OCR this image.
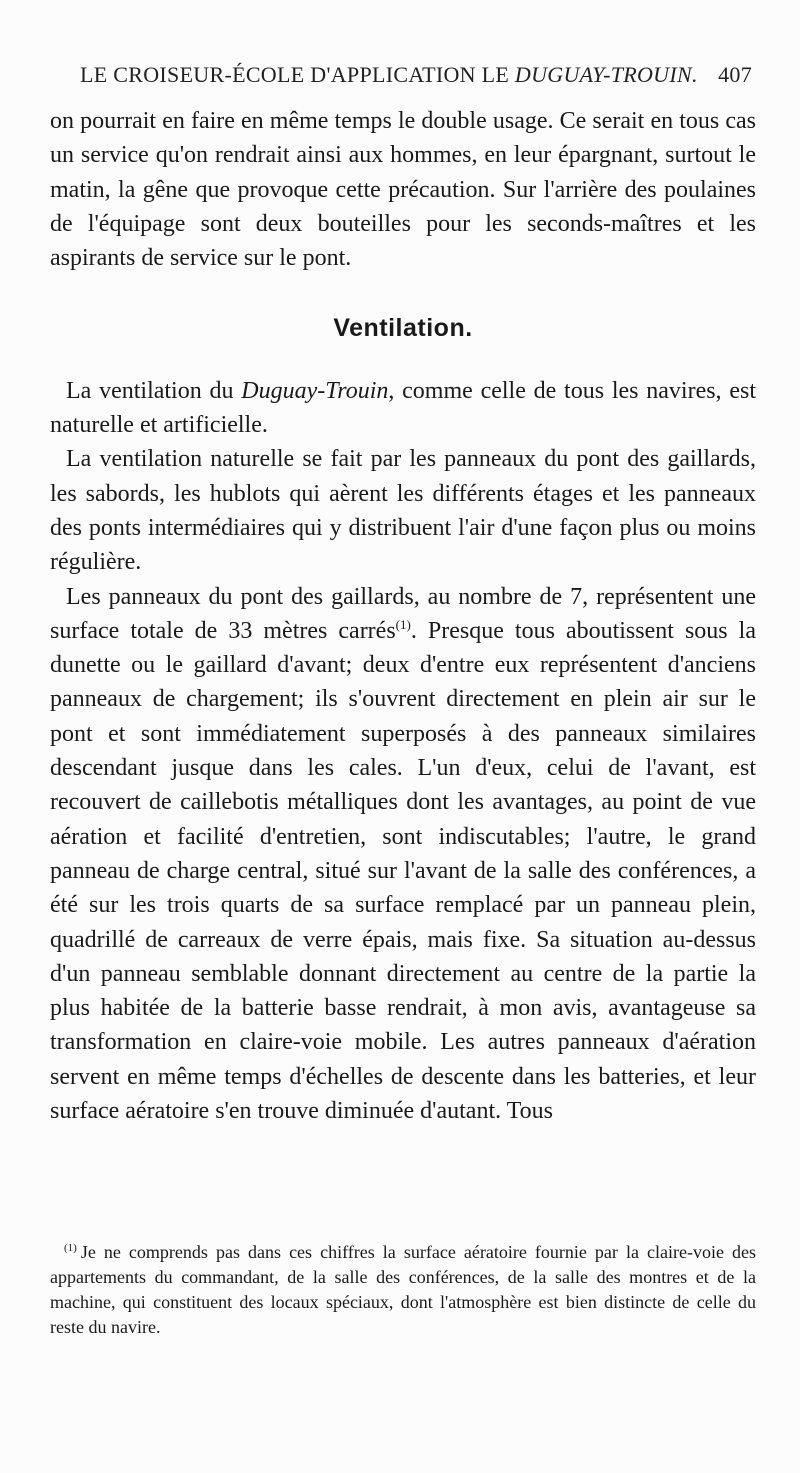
LE CROISEUR-ÉCOLE D'APPLICATION LE DUGUAY-TROUIN. 407

on pourrait en faire en même temps le double usage. Ce serait en tous cas un service qu'on rendrait ainsi aux hommes, en leur épargnant, surtout le matin, la gêne que provoque cette précaution. Sur l'arrière des poulaines de l'équipage sont deux bouteilles pour les seconds-maîtres et les aspirants de service sur le pont.

Ventilation.

La ventilation du Duguay-Trouin, comme celle de tous les navires, est naturelle et artificielle.

La ventilation naturelle se fait par les panneaux du pont des gaillards, les sabords, les hublots qui aèrent les différents étages et les panneaux des ponts intermédiaires qui y distribuent l'air d'une façon plus ou moins régulière.

Les panneaux du pont des gaillards, au nombre de 7, représentent une surface totale de 33 mètres carrés$^{(1)}$. Presque tous aboutissent sous la dunette ou le gaillard d'avant; deux d'entre eux représentent d'anciens panneaux de chargement; ils s'ouvrent directement en plein air sur le pont et sont immédiatement superposés à des panneaux similaires descendant jusque dans les cales. L'un d'eux, celui de l'avant, est recouvert de caillebotis métalliques dont les avantages, au point de vue aération et facilité d'entretien, sont indiscutables; l'autre, le grand panneau de charge central, situé sur l'avant de la salle des conférences, a été sur les trois quarts de sa surface remplacé par un panneau plein, quadrillé de carreaux de verre épais, mais fixe. Sa situation au-dessus d'un panneau semblable donnant directement au centre de la partie la plus habitée de la batterie basse rendrait, à mon avis, avantageuse sa transformation en claire-voie mobile. Les autres panneaux d'aération servent en même temps d'échelles de descente dans les batteries, et leur surface aératoire s'en trouve diminuée d'autant. Tous

$^{(1)}$ Je ne comprends pas dans ces chiffres la surface aératoire fournie par la claire-voie des appartements du commandant, de la salle des conférences, de la salle des montres et de la machine, qui constituent des locaux spéciaux, dont l'atmosphère est bien distincte de celle du reste du navire.
